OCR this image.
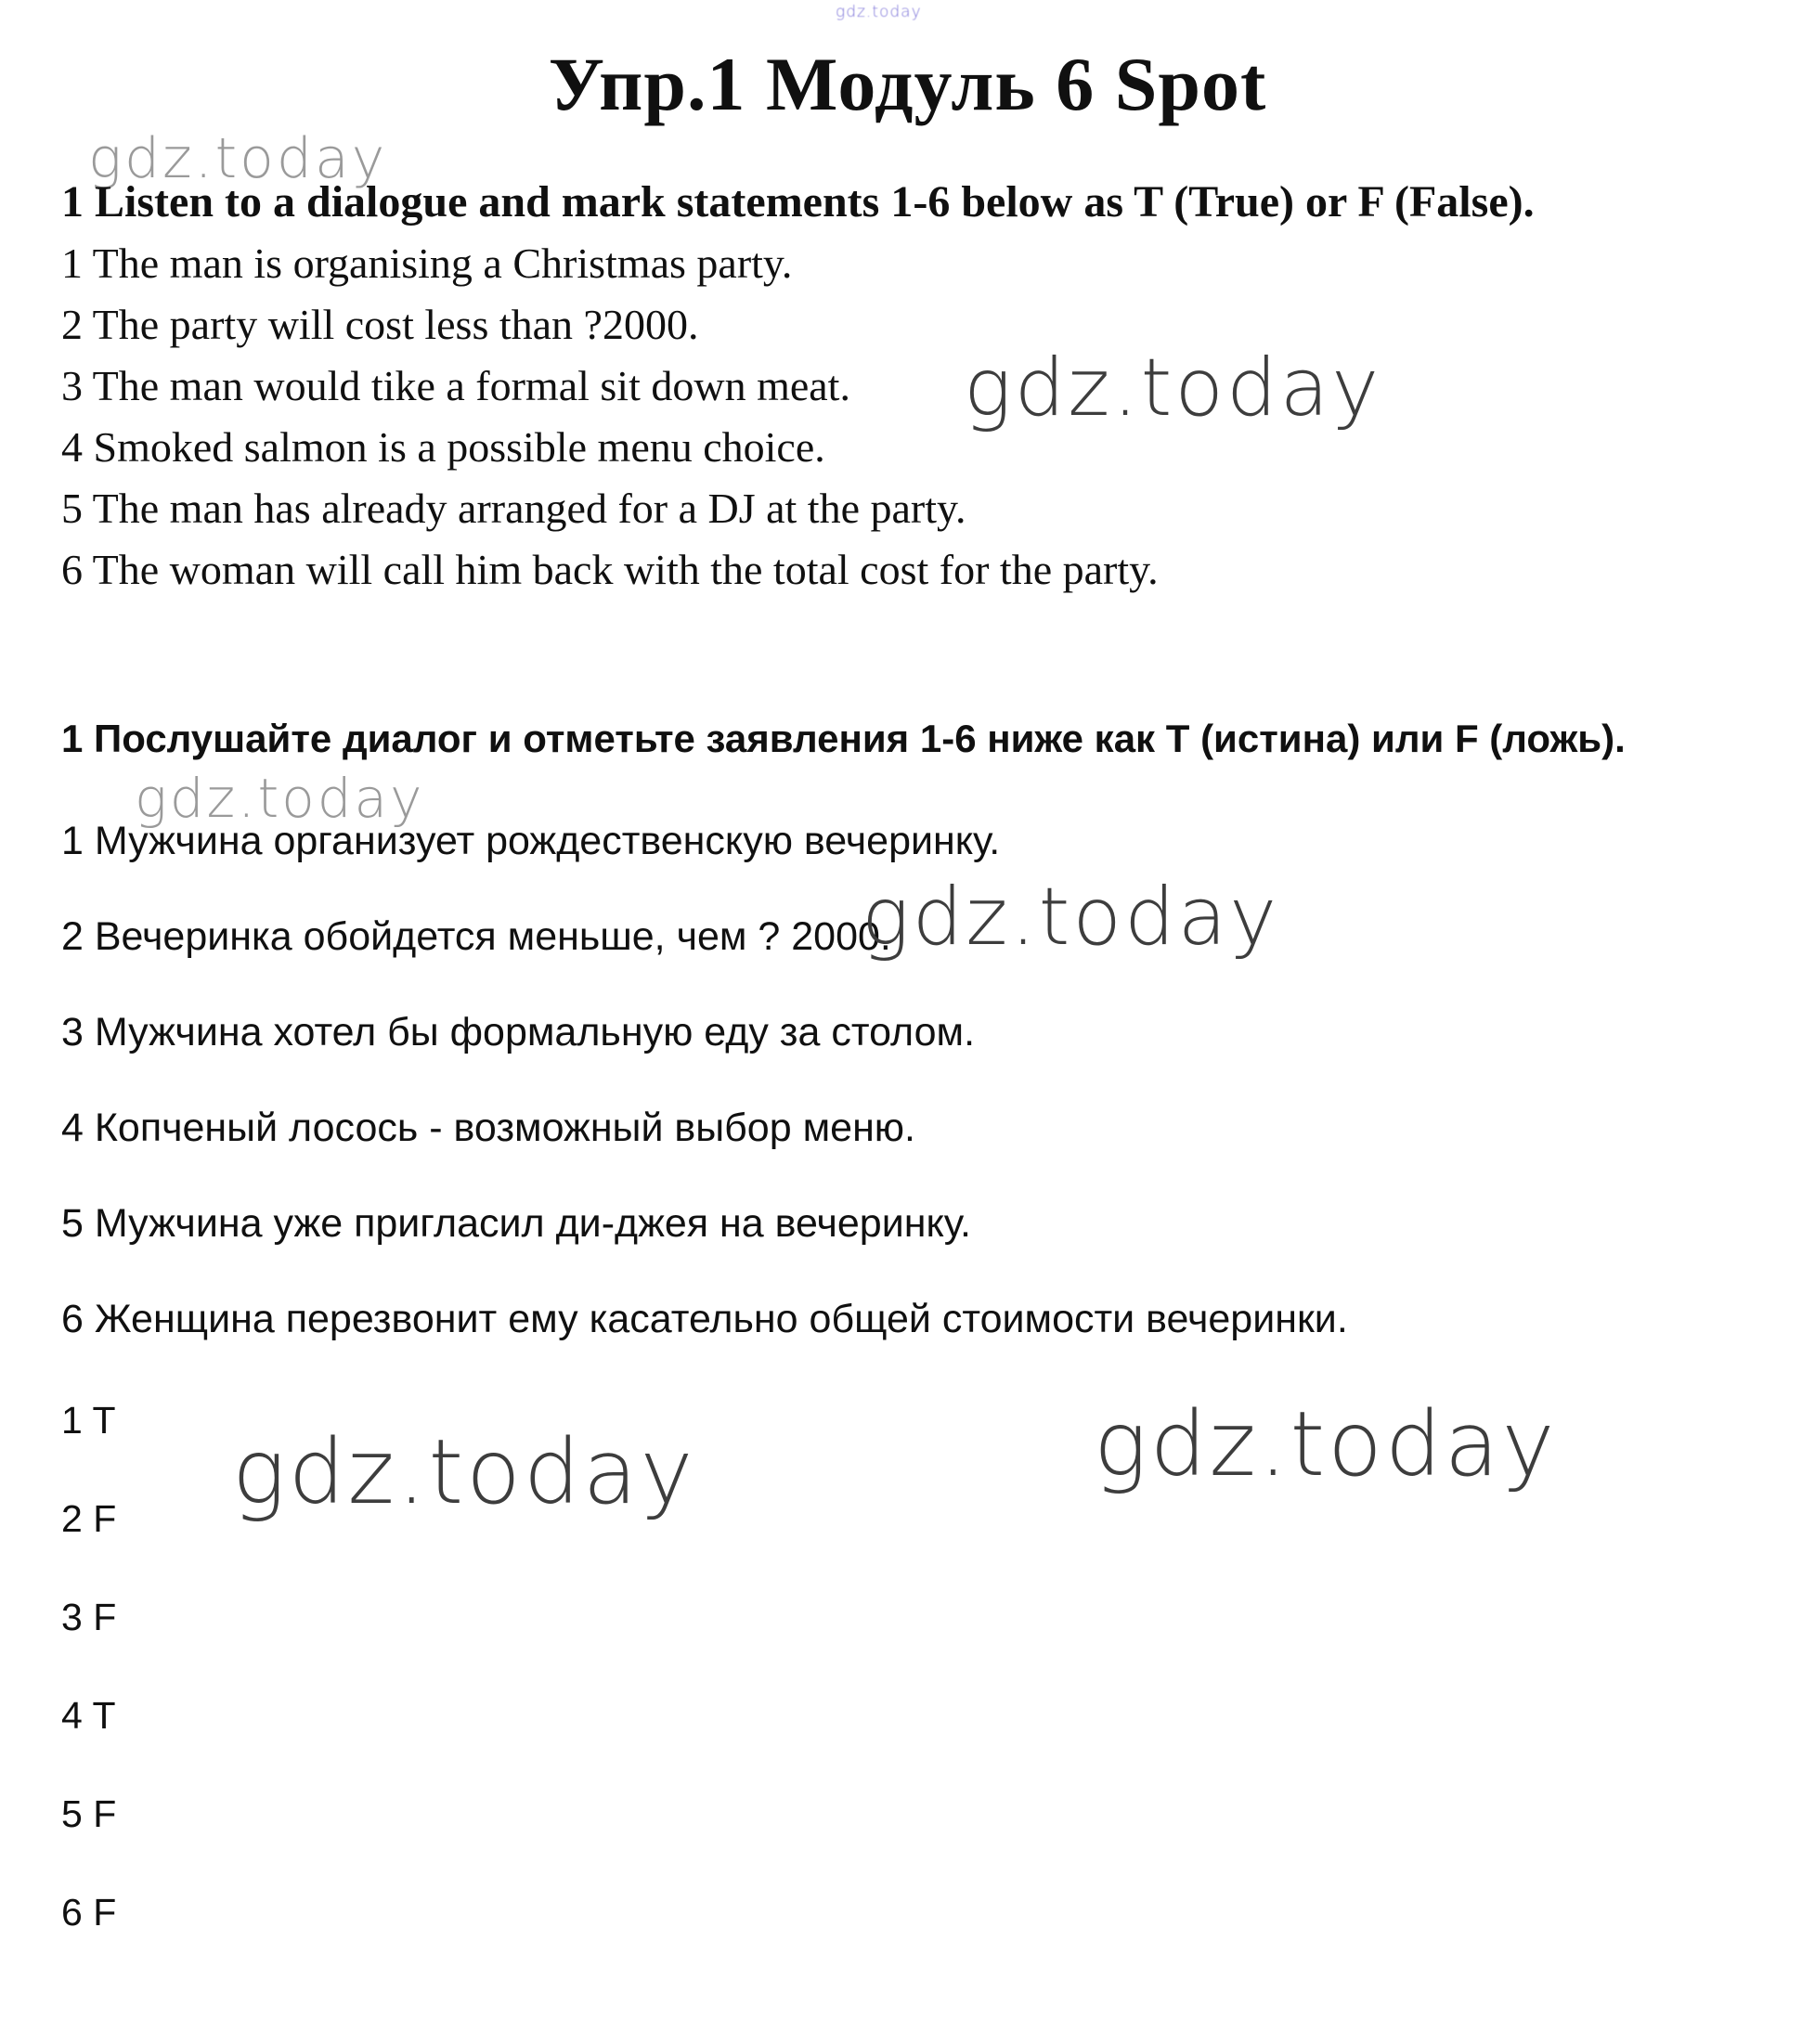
gdz.today
Упр.1 Модуль 6 Spot
gdz.today
1 Listen to a dialogue and mark statements 1-6 below as T (True) or F (False).
1 The man is organising a Christmas party.
2 The party will cost less than ?2000.
3 The man would tike a formal sit down meat.
4 Smoked salmon is a possible menu choice.
5 The man has already arranged for a DJ at the party.
6 The woman will call him back with the total cost for the party.
gdz.today
1 Послушайте диалог и отметьте заявления 1-6 ниже как T (истина) или F (ложь).
gdz.today
1 Мужчина организует рождественскую вечеринку.
2 Вечеринка обойдется меньше, чем ? 2000.
3 Мужчина хотел бы формальную еду за столом.
4 Копченый лосось - возможный выбор меню.
5 Мужчина уже пригласил ди-джея на вечеринку.
6 Женщина перезвонит ему касательно общей стоимости вечеринки.
gdz.today
1 T
2 F
3 F
4 T
5 F
6 F
gdz.today	gdz.today
